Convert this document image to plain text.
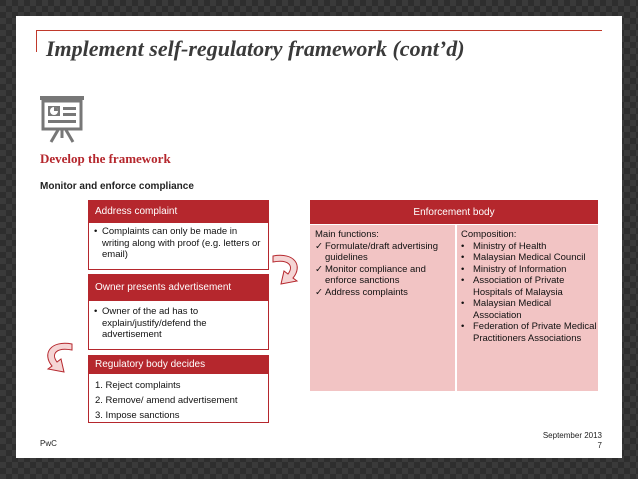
Implement self-regulatory framework (cont’d)
Develop the framework
Monitor and enforce compliance
Address complaint
• Complaints can only be made in writing along with proof (e.g. letters or email)
Owner presents advertisement
• Owner of the ad has to explain/justify/defend the advertisement
Regulatory body decides
1. Reject complaints
2. Remove/ amend advertisement
3. Impose sanctions
Enforcement body
Main functions:
✓ Formulate/draft advertising guidelines
✓ Monitor compliance and enforce sanctions
✓ Address complaints
Composition:
• Ministry of Health
• Malaysian Medical Council
• Ministry of Information
• Association of Private Hospitals of Malaysia
• Malaysian Medical Association
• Federation of Private Medical Practitioners Associations
PwC
September 2013
7
